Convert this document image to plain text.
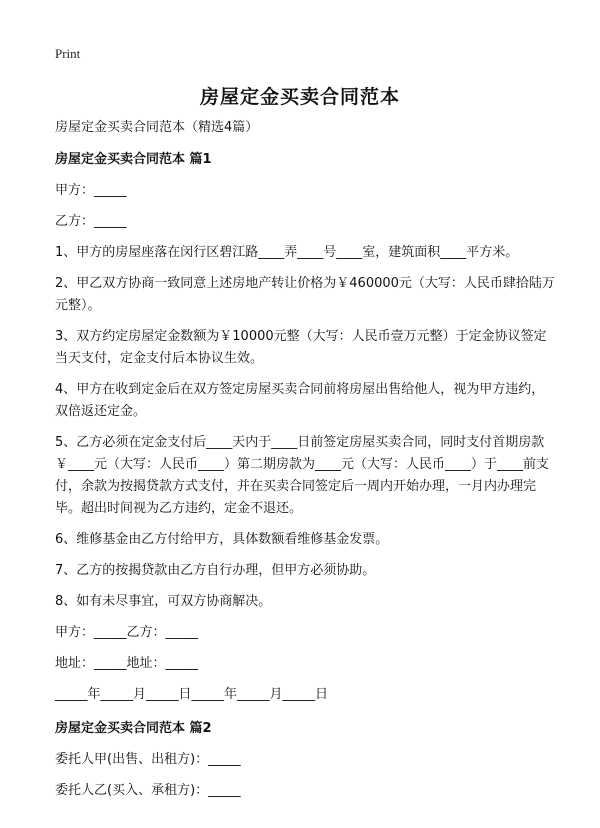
Print
房屋定金买卖合同范本

房屋定金买卖合同范本（精选4篇）

房屋定金买卖合同范本 篇1

甲方：_____

乙方：_____

1、甲方的房屋座落在闵行区碧江路____弄____号____室，建筑面积____平方米。

2、甲乙双方协商一致同意上述房地产转让价格为￥460000元（大写：人民币肆拾陆万元整）。

3、双方约定房屋定金数额为￥10000元整（大写：人民币壹万元整）于定金协议签定当天支付，定金支付后本协议生效。

4、甲方在收到定金后在双方签定房屋买卖合同前将房屋出售给他人，视为甲方违约，双倍返还定金。

5、乙方必须在定金支付后____天内于____日前签定房屋买卖合同，同时支付首期房款￥____元（大写：人民币____）第二期房款为____元（大写：人民币____）于____前支付，余款为按揭贷款方式支付，并在买卖合同签定后一周内开始办理，一月内办理完毕。超出时间视为乙方违约，定金不退还。

6、维修基金由乙方付给甲方，具体数额看维修基金发票。

7、乙方的按揭贷款由乙方自行办理，但甲方必须协助。

8、如有未尽事宜，可双方协商解决。

甲方：_____乙方：_____

地址：_____地址：_____

_____年_____月_____日_____年_____月_____日

房屋定金买卖合同范本 篇2

委托人甲(出售、出租方)：_____

委托人乙(买入、承租方)：_____
